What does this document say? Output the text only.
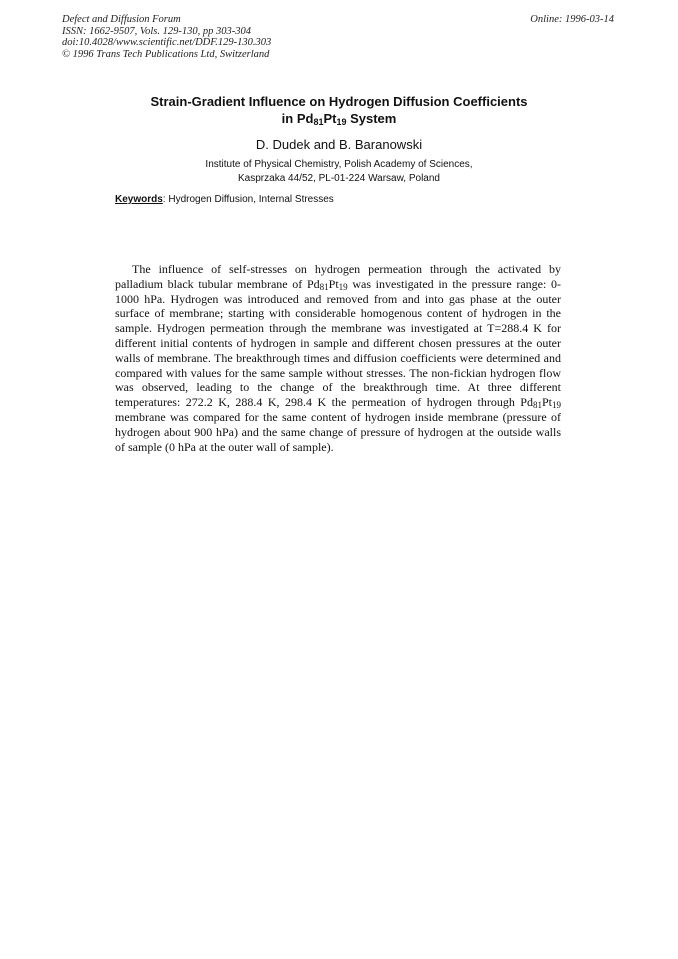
Defect and Diffusion Forum
ISSN: 1662-9507, Vols. 129-130, pp 303-304
doi:10.4028/www.scientific.net/DDF.129-130.303
© 1996 Trans Tech Publications Ltd, Switzerland
Online: 1996-03-14
Strain-Gradient Influence on Hydrogen Diffusion Coefficients
in $Pd_{81}Pt_{19}$ System
D. Dudek and B. Baranowski
Institute of Physical Chemistry, Polish Academy of Sciences,
Kasprzaka 44/52, PL-01-224 Warsaw, Poland
Keywords: Hydrogen Diffusion, Internal Stresses

The influence of self-stresses on hydrogen permeation through the activated by palladium black tubular membrane of $Pd_{81}Pt_{19}$ was investigated in the pressure range: 0-1000 hPa. Hydrogen was introduced and removed from and into gas phase at the outer surface of membrane; starting with considerable homogenous content of hydrogen in the sample. Hydrogen permeation through the membrane was investigated at T=288.4 K for different initial contents of hydrogen in sample and different chosen pressures at the outer walls of membrane. The breakthrough times and diffusion coefficients were determined and compared with values for the same sample without stresses. The non-fickian hydrogen flow was observed, leading to the change of the breakthrough time. At three different temperatures: 272.2 K, 288.4 K, 298.4 K the permeation of hydrogen through $Pd_{81}Pt_{19}$ membrane was compared for the same content of hydrogen inside membrane (pressure of hydrogen about 900 hPa) and the same change of pressure of hydrogen at the outside walls of sample (0 hPa at the outer wall of sample).
